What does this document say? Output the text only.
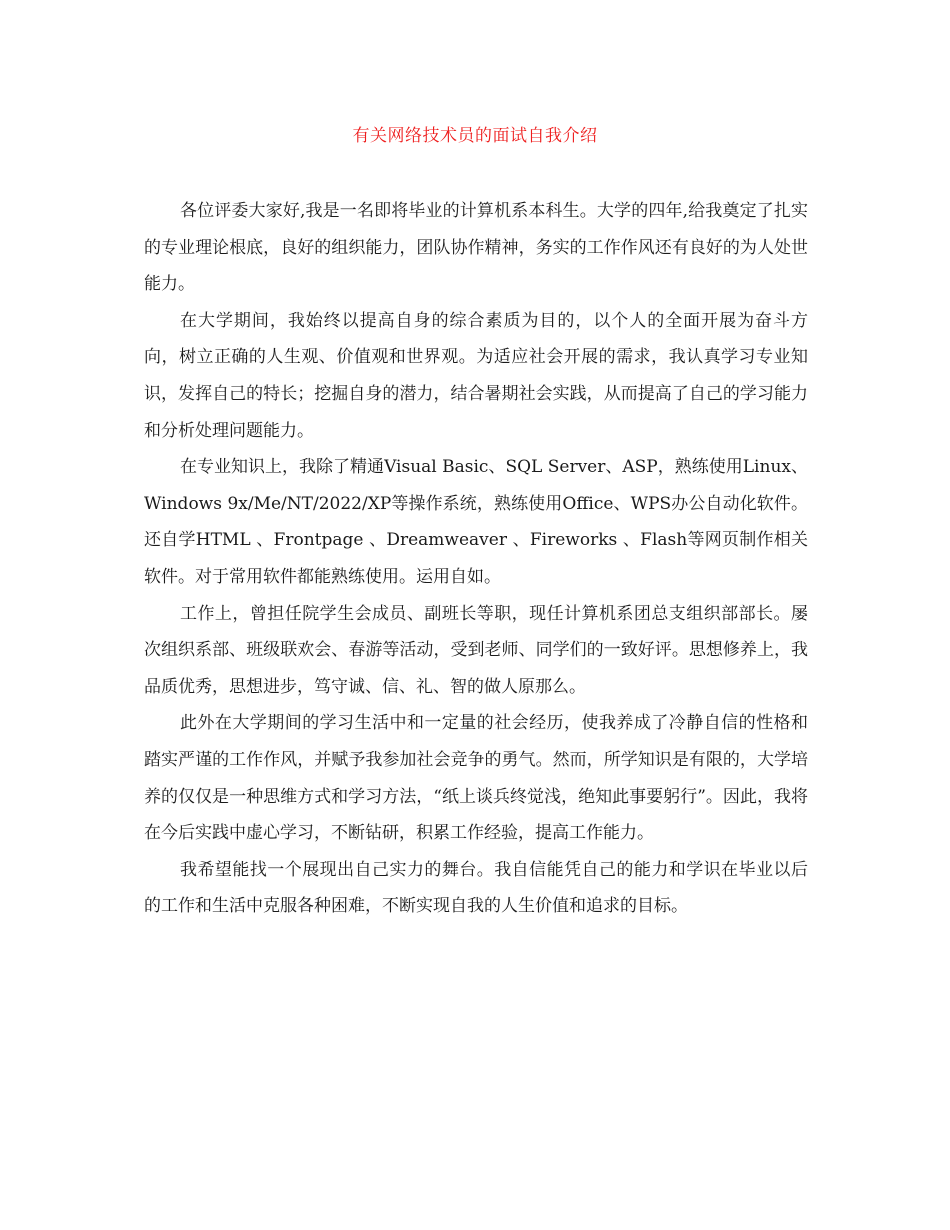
有关网络技术员的面试自我介绍

各位评委大家好,我是一名即将毕业的计算机系本科生。大学的四年,给我奠定了扎实的专业理论根底，良好的组织能力，团队协作精神，务实的工作作风还有良好的为人处世能力。

在大学期间，我始终以提高自身的综合素质为目的，以个人的全面开展为奋斗方向，树立正确的人生观、价值观和世界观。为适应社会开展的需求，我认真学习专业知识，发挥自己的特长；挖掘自身的潜力，结合暑期社会实践，从而提高了自己的学习能力和分析处理问题能力。

在专业知识上，我除了精通Visual Basic、SQL Server、ASP，熟练使用Linux、Windows 9x/Me/NT/2022/XP等操作系统，熟练使用Office、WPS办公自动化软件。还自学HTML 、Frontpage 、Dreamweaver 、Fireworks 、Flash等网页制作相关软件。对于常用软件都能熟练使用。运用自如。

工作上，曾担任院学生会成员、副班长等职，现任计算机系团总支组织部部长。屡次组织系部、班级联欢会、春游等活动，受到老师、同学们的一致好评。思想修养上，我品质优秀，思想进步，笃守诚、信、礼、智的做人原那么。

此外在大学期间的学习生活中和一定量的社会经历，使我养成了冷静自信的性格和踏实严谨的工作作风，并赋予我参加社会竞争的勇气。然而，所学知识是有限的，大学培养的仅仅是一种思维方式和学习方法，“纸上谈兵终觉浅，绝知此事要躬行”。因此，我将在今后实践中虚心学习，不断钻研，积累工作经验，提高工作能力。

我希望能找一个展现出自己实力的舞台。我自信能凭自己的能力和学识在毕业以后的工作和生活中克服各种困难，不断实现自我的人生价值和追求的目标。
